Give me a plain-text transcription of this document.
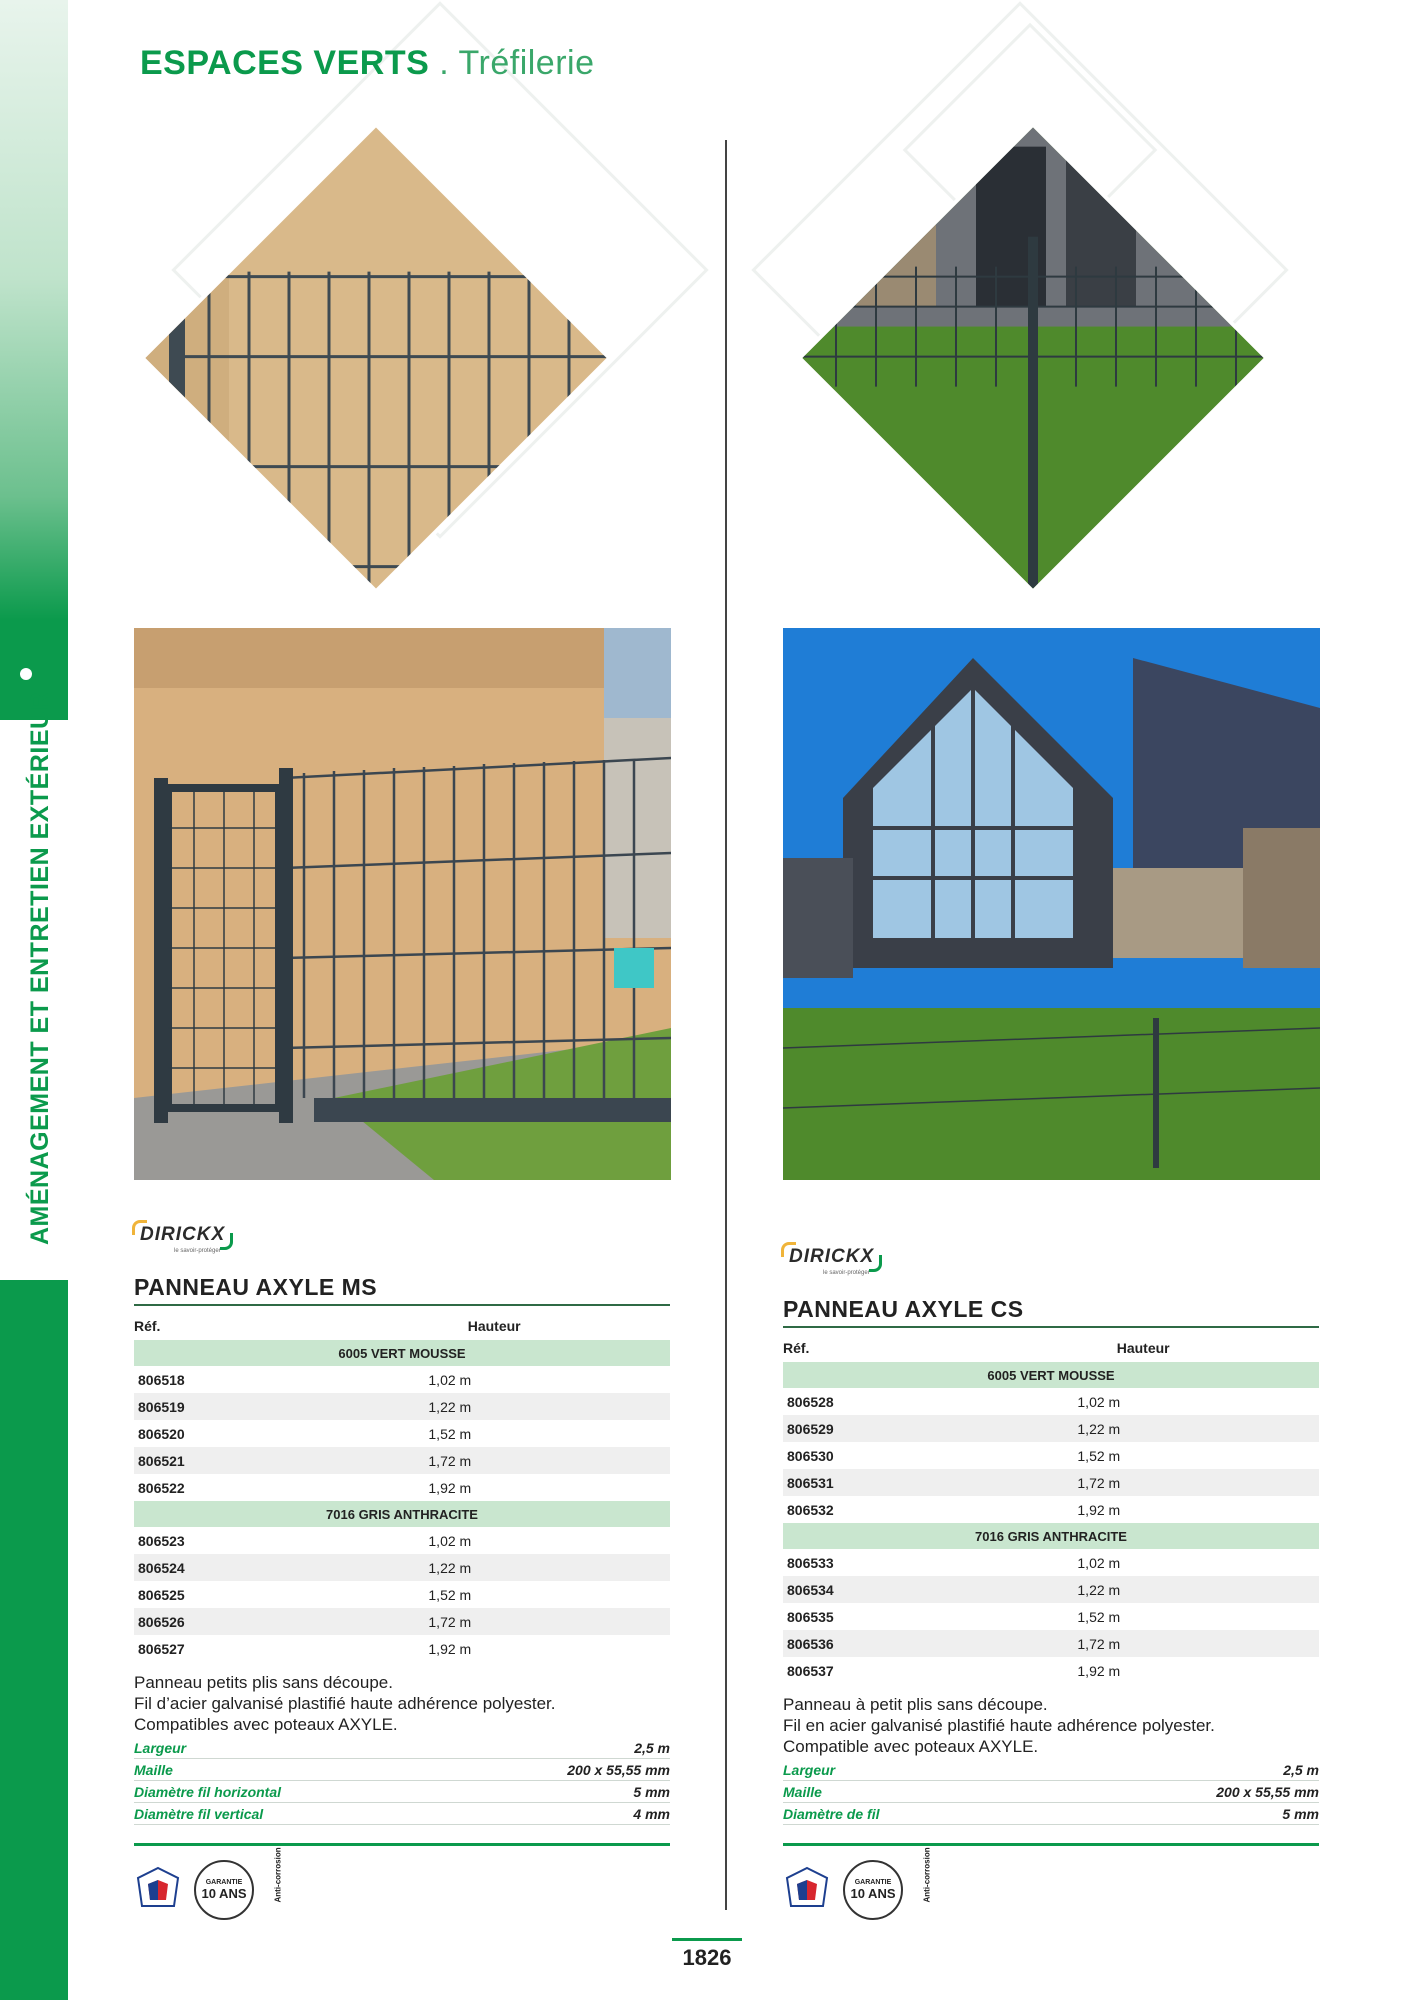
AMÉNAGEMENT ET ENTRETIEN EXTÉRIEUR
ESPACES VERTS . Tréfilerie
DIRICKX
le savoir-protéger
PANNEAU AXYLE MS
Réf.	Hauteur
6005 VERT MOUSSE	
806518	1,02 m
806519	1,22 m
806520	1,52 m
806521	1,72 m
806522	1,92 m
7016 GRIS ANTHRACITE	
806523	1,02 m
806524	1,22 m
806525	1,52 m
806526	1,72 m
806527	1,92 m
Panneau petits plis sans découpe.
Fil d’acier galvanisé plastifié haute adhérence polyester.
Compatibles avec poteaux AXYLE.
Largeur	2,5 m
Maille	200 x 55,55 mm
Diamètre fil horizontal	5 mm
Diamètre fil vertical	4 mm
GARANTIE
10 ANS	Anti-corrosion
DIRICKX
le savoir-protéger
PANNEAU AXYLE CS
Réf.	Hauteur
6005 VERT MOUSSE	
806528	1,02 m
806529	1,22 m
806530	1,52 m
806531	1,72 m
806532	1,92 m
7016 GRIS ANTHRACITE	
806533	1,02 m
806534	1,22 m
806535	1,52 m
806536	1,72 m
806537	1,92 m
Panneau à petit plis sans découpe.
Fil en acier galvanisé plastifié haute adhérence polyester.
Compatible avec poteaux AXYLE.
Largeur	2,5 m
Maille	200 x 55,55 mm
Diamètre de fil	5 mm
GARANTIE
10 ANS	Anti-corrosion
1826
